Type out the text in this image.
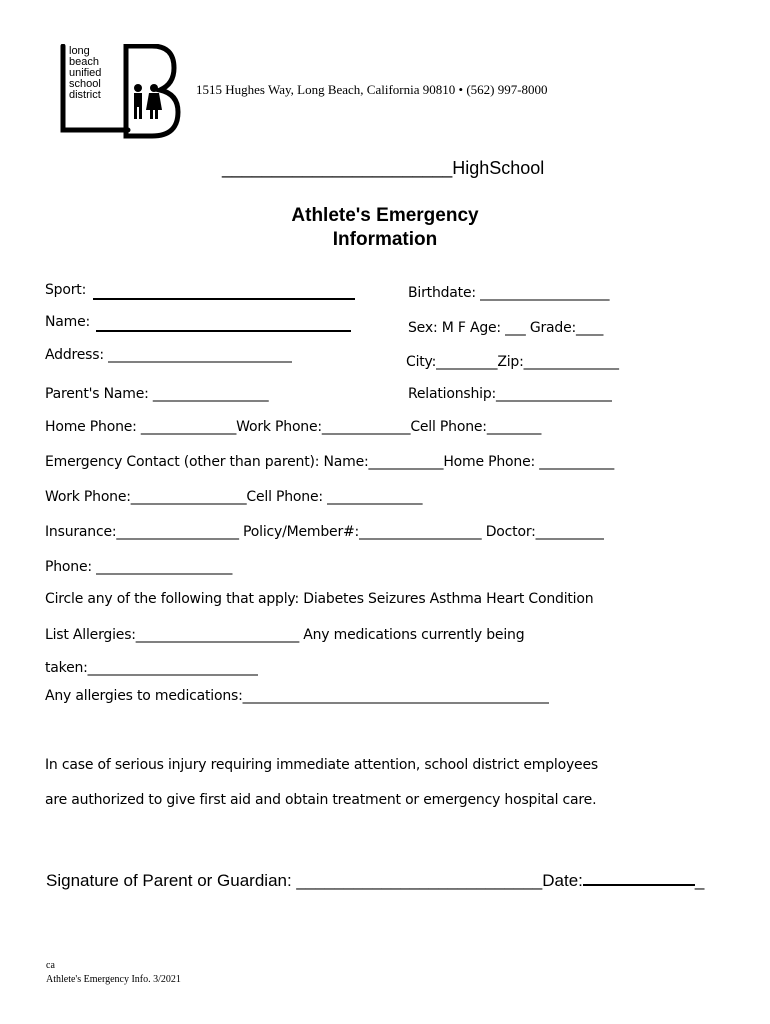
long
beach
unified
school
district	1515 Hughes Way, Long Beach, California 90810 • (562) 997-8000
_______________________HighSchool
Athlete's Emergency
Information
Sport:	Birthdate: ___________________
Name:	Sex: M F Age: ___ Grade:____
Address: ___________________________	City:_________Zip:______________
Parent's Name: _________________	Relationship:_________________
Home Phone: ______________Work Phone:_____________Cell Phone:________
Emergency Contact (other than parent): Name:___________Home Phone: ___________
Work Phone:_________________Cell Phone: ______________
Insurance:__________________ Policy/Member#:__________________ Doctor:__________
Phone: ____________________
Circle any of the following that apply: Diabetes Seizures Asthma Heart Condition
List Allergies:________________________ Any medications currently being
taken:_________________________
Any allergies to medications:_____________________________________________
In case of serious injury requiring immediate attention, school district employees
are authorized to give first aid and obtain treatment or emergency hospital care.
Signature of Parent or Guardian: __________________________Date:	_
ca
Athlete's Emergency Info. 3/2021
